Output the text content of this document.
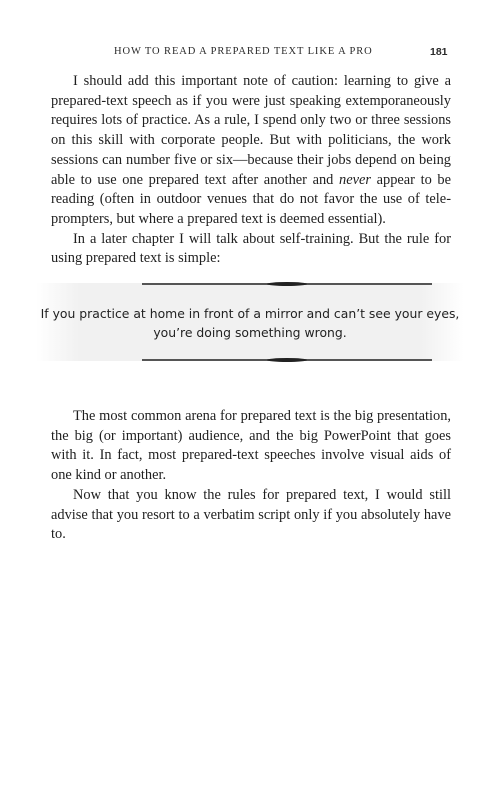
HOW TO READ A PREPARED TEXT LIKE A PRO	181

I should add this important note of caution: learning to give a prepared-text speech as if you were just speaking extemporaneously requires lots of practice. As a rule, I spend only two or three sessions on this skill with corporate people. But with politicians, the work sessions can number five or six—because their jobs depend on being able to use one prepared text after another and never appear to be reading (often in outdoor venues that do not favor the use of teleprompters, but where a prepared text is deemed essential).

In a later chapter I will talk about self-training. But the rule for using prepared text is simple:

If you practice at home in front of a mirror and can’t see your eyes,
you’re doing something wrong.

The most common arena for prepared text is the big presentation, the big (or important) audience, and the big PowerPoint that goes with it. In fact, most prepared-text speeches involve visual aids of one kind or another.

Now that you know the rules for prepared text, I would still advise that you resort to a verbatim script only if you absolutely have to.
